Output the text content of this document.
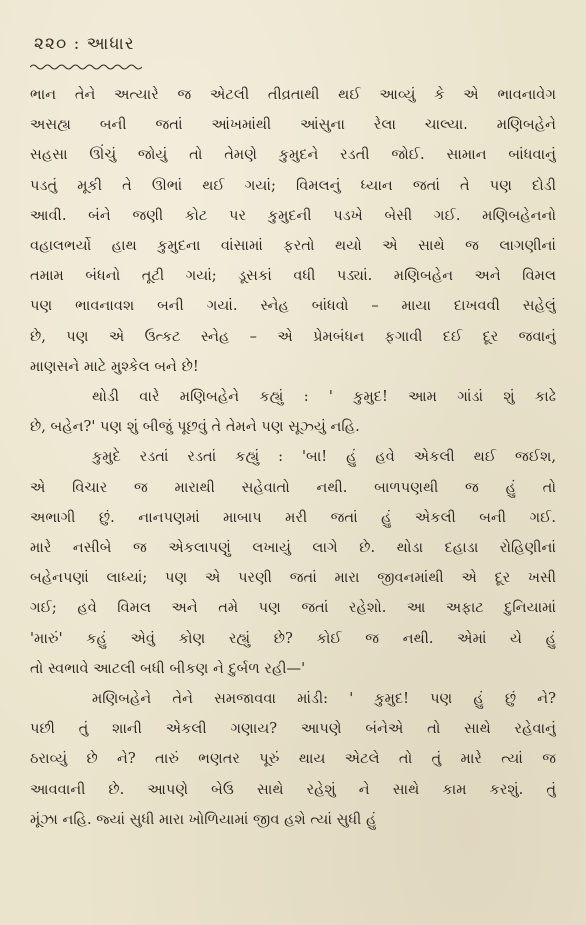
૨૨૦ : આધાર
ભાન તેને અત્યારે જ એટલી તીવ્રતાથી થઈ આવ્યું કે એ ભાવનાવેગ
અસહ્ય બની જતાં આંખમાંથી આંસુના રેલા ચાલ્યા. મણિબહેને
સહસા ઊંચું જોયું તો તેમણે કુમુદને રડતી જોઈ. સામાન બાંધવાનું
પડતું મૂકી તે ઊભાં થઈ ગયાં; વિમલનું ધ્યાન જતાં તે પણ દોડી
આવી. બંને જણી કોટ પર કુમુદની પડખે બેસી ગઈ. મણિબહેનનો
વહાલભર્યો હાથ કુમુદના વાંસામાં ફરતો થયો એ સાથે જ લાગણીનાં
તમામ બંધનો તૂટી ગયાં; ડૂસકાં વધી પડ્યાં. મણિબહેન અને વિમલ
પણ ભાવનાવશ બની ગયાં. સ્નેહ બાંધવો – માયા દાખવવી સહેલું
છે, પણ એ ઉત્કટ સ્નેહ – એ પ્રેમબંધન ફગાવી દઈ દૂર જવાનું
માણસને માટે મુશ્કેલ બને છે!
થોડી વારે મણિબહેને કહ્યું : ' કુમુદ! આમ ગાંડાં શું કાઢે
છે, બહેન?' પણ શું બીજું પૂછવું તે તેમને પણ સૂઝ્યું નહિ.
કુમુદે રડતાં રડતાં કહ્યું : 'બા! હું હવે એકલી થઈ જઈશ,
એ વિચાર જ મારાથી સહેવાતો નથી. બાળપણથી જ હું તો
અભાગી છું. નાનપણમાં માબાપ મરી જતાં હું એકલી બની ગઈ.
મારે નસીબે જ એકલાપણું લખાયું લાગે છે. થોડા દહાડા રોહિણીનાં
બહેનપણાં લાધ્યાં; પણ એ પરણી જતાં મારા જીવનમાંથી એ દૂર ખસી
ગઈ; હવે વિમલ અને તમે પણ જતાં રહેશો. આ અફાટ દુનિયામાં
'મારું' કહું એવું કોણ રહ્યું છે? કોઈ જ નથી. એમાં યે હું
તો સ્વભાવે આટલી બધી બીકણ ને દુર્બળ રહી—'
મણિબહેને તેને સમજાવવા માંડી: ' કુમુદ! પણ હું છું ને?
પછી તું શાની એકલી ગણાય? આપણે બંનેએ તો સાથે રહેવાનું
ઠરાવ્યું છે ને? તારું ભણતર પૂરું થાય એટલે તો તું મારે ત્યાં જ
આવવાની છે. આપણે બેઉ સાથે રહેશું ને સાથે કામ કરશું. તું
મૂંઝા નહિ. જ્યાં સુધી મારા ખોળિયામાં જીવ હશે ત્યાં સુધી હું
